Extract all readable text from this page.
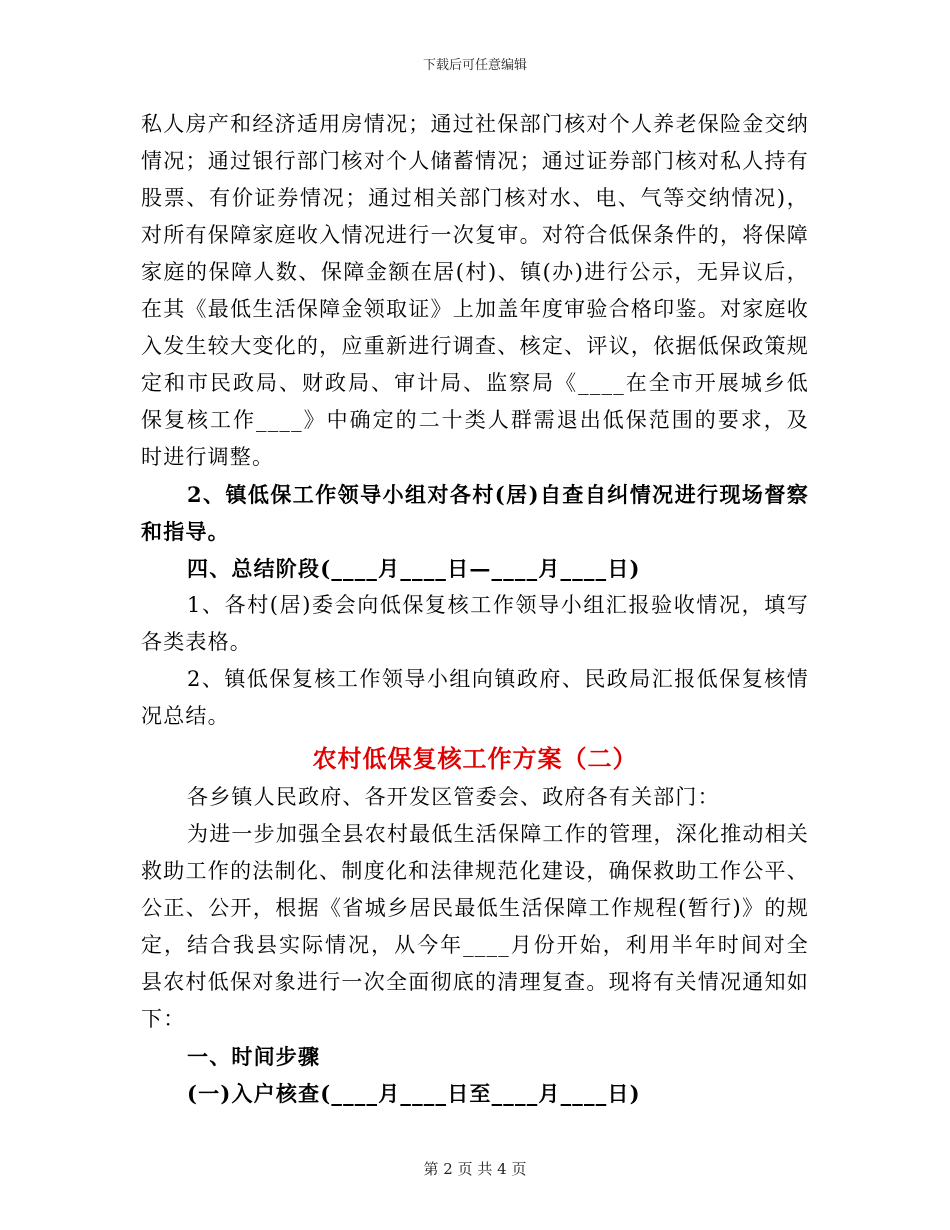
下载后可任意编辑

私人房产和经济适用房情况；通过社保部门核对个人养老保险金交纳情况；通过银行部门核对个人储蓄情况；通过证券部门核对私人持有股票、有价证券情况；通过相关部门核对水、电、气等交纳情况)，对所有保障家庭收入情况进行一次复审。对符合低保条件的，将保障家庭的保障人数、保障金额在居(村)、镇(办)进行公示，无异议后，在其《最低生活保障金领取证》上加盖年度审验合格印鉴。对家庭收入发生较大变化的，应重新进行调查、核定、评议，依据低保政策规定和市民政局、财政局、审计局、监察局《____在全市开展城乡低保复核工作____》中确定的二十类人群需退出低保范围的要求，及时进行调整。

2、镇低保工作领导小组对各村(居)自查自纠情况进行现场督察和指导。

四、总结阶段(____月____日—____月____日)

1、各村(居)委会向低保复核工作领导小组汇报验收情况，填写各类表格。

2、镇低保复核工作领导小组向镇政府、民政局汇报低保复核情况总结。

农村低保复核工作方案（二）

各乡镇人民政府、各开发区管委会、政府各有关部门：

为进一步加强全县农村最低生活保障工作的管理，深化推动相关救助工作的法制化、制度化和法律规范化建设，确保救助工作公平、公正、公开，根据《省城乡居民最低生活保障工作规程(暂行)》的规定，结合我县实际情况，从今年____月份开始，利用半年时间对全县农村低保对象进行一次全面彻底的清理复查。现将有关情况通知如下：

一、时间步骤

(一)入户核查(____月____日至____月____日)

第 2 页 共 4 页
